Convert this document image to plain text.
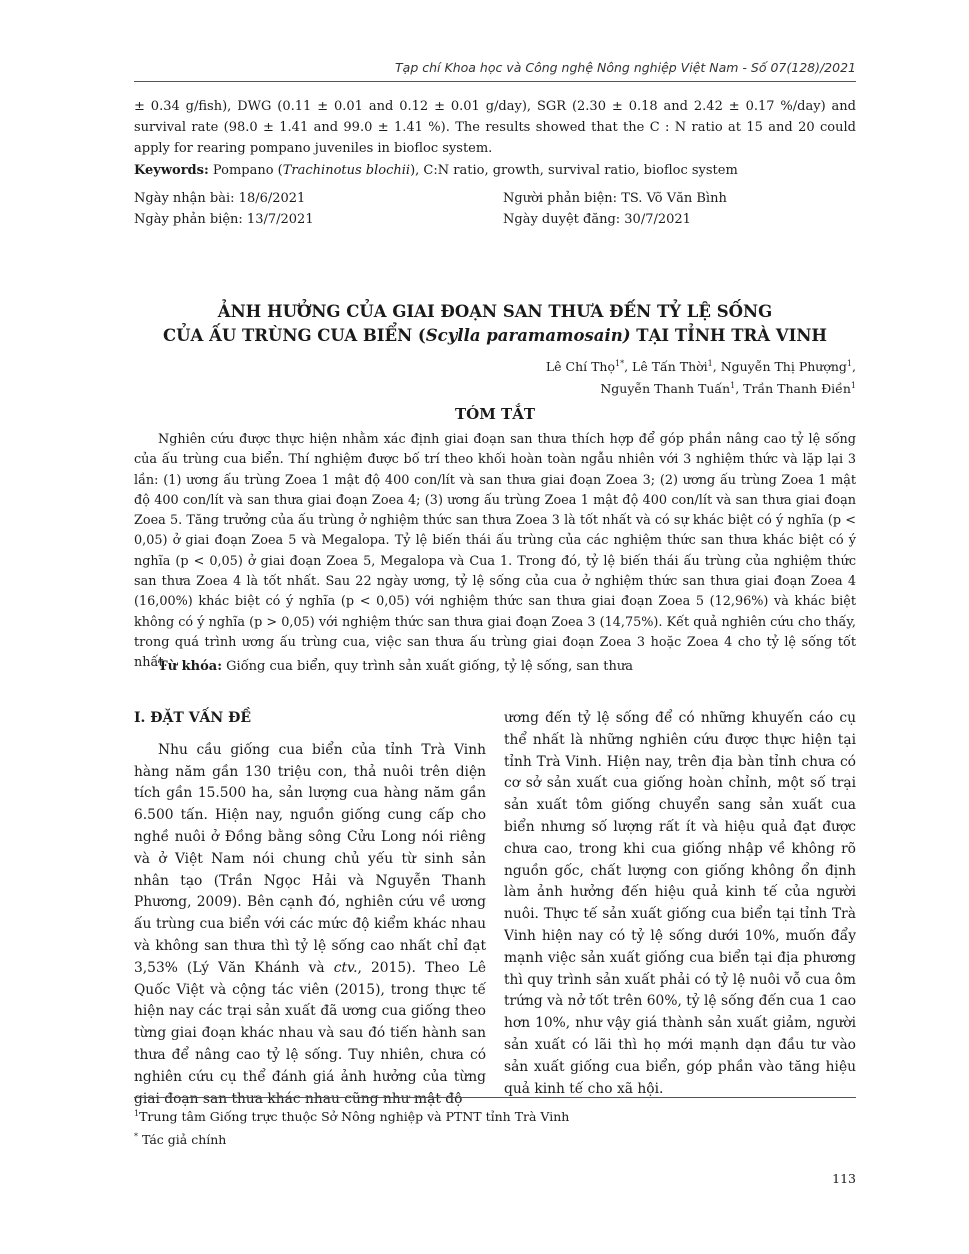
Tạp chí Khoa học và Công nghệ Nông nghiệp Việt Nam - Số 07(128)/2021
± 0.34 g/fish), DWG (0.11 ± 0.01 and 0.12 ± 0.01 g/day), SGR (2.30 ± 0.18 and 2.42 ± 0.17 %/day) and survival rate (98.0 ± 1.41 and 99.0 ± 1.41 %). The results showed that the C : N ratio at 15 and 20 could apply for rearing pompano juveniles in biofloc system.
Keywords: Pompano (Trachinotus blochii), C:N ratio, growth, survival ratio, biofloc system
Ngày nhận bài: 18/6/2021
Ngày phản biện: 13/7/2021
Người phản biện: TS. Võ Văn Bình
Ngày duyệt đăng: 30/7/2021
ẢNH HƯỞNG CỦA GIAI ĐOẠN SAN THƯA ĐẾN TỶ LỆ SỐNG
CỦA ẤU TRÙNG CUA BIỂN (Scylla paramamosain) TẠI TỈNH TRÀ VINH
Lê Chí Thọ$^{1*}$, Lê Tấn Thời$^1$, Nguyễn Thị Phượng$^1$,
Nguyễn Thanh Tuấn$^1$, Trần Thanh Điền$^1$
TÓM TẮT
Nghiên cứu được thực hiện nhằm xác định giai đoạn san thưa thích hợp để góp phần nâng cao tỷ lệ sống của ấu trùng cua biển. Thí nghiệm được bố trí theo khối hoàn toàn ngẫu nhiên với 3 nghiệm thức và lặp lại 3 lần: (1) ương ấu trùng Zoea 1 mật độ 400 con/lít và san thưa giai đoạn Zoea 3; (2) ương ấu trùng Zoea 1 mật độ 400 con/lít và san thưa giai đoạn Zoea 4; (3) ương ấu trùng Zoea 1 mật độ 400 con/lít và san thưa giai đoạn Zoea 5. Tăng trưởng của ấu trùng ở nghiệm thức san thưa Zoea 3 là tốt nhất và có sự khác biệt có ý nghĩa (p < 0,05) ở giai đoạn Zoea 5 và Megalopa. Tỷ lệ biến thái ấu trùng của các nghiệm thức san thưa khác biệt có ý nghĩa (p < 0,05) ở giai đoạn Zoea 5, Megalopa và Cua 1. Trong đó, tỷ lệ biến thái ấu trùng của nghiệm thức san thưa Zoea 4 là tốt nhất. Sau 22 ngày ương, tỷ lệ sống của cua ở nghiệm thức san thưa giai đoạn Zoea 4 (16,00%) khác biệt có ý nghĩa (p < 0,05) với nghiệm thức san thưa giai đoạn Zoea 5 (12,96%) và khác biệt không có ý nghĩa (p > 0,05) với nghiệm thức san thưa giai đoạn Zoea 3 (14,75%). Kết quả nghiên cứu cho thấy, trong quá trình ương ấu trùng cua, việc san thưa ấu trùng giai đoạn Zoea 3 hoặc Zoea 4 cho tỷ lệ sống tốt nhất.
Từ khóa: Giống cua biển, quy trình sản xuất giống, tỷ lệ sống, san thưa
I. ĐẶT VẤN ĐỀ

Nhu cầu giống cua biển của tỉnh Trà Vinh hàng năm gần 130 triệu con, thả nuôi trên diện tích gần 15.500 ha, sản lượng cua hàng năm gần 6.500 tấn. Hiện nay, nguồn giống cung cấp cho nghề nuôi ở Đồng bằng sông Cửu Long nói riêng và ở Việt Nam nói chung chủ yếu từ sinh sản nhân tạo (Trần Ngọc Hải và Nguyễn Thanh Phương, 2009). Bên cạnh đó, nghiên cứu về ương ấu trùng cua biển với các mức độ kiểm khác nhau và không san thưa thì tỷ lệ sống cao nhất chỉ đạt 3,53% (Lý Văn Khánh và ctv., 2015). Theo Lê Quốc Việt và cộng tác viên (2015), trong thực tế hiện nay các trại sản xuất đã ương cua giống theo từng giai đoạn khác nhau và sau đó tiến hành san thưa để nâng cao tỷ lệ sống. Tuy nhiên, chưa có nghiên cứu cụ thể đánh giá ảnh hưởng của từng giai đoạn san thưa khác nhau cũng như mật độ

ương đến tỷ lệ sống để có những khuyến cáo cụ thể nhất là những nghiên cứu được thực hiện tại tỉnh Trà Vinh. Hiện nay, trên địa bàn tỉnh chưa có cơ sở sản xuất cua giống hoàn chỉnh, một số trại sản xuất tôm giống chuyển sang sản xuất cua biển nhưng số lượng rất ít và hiệu quả đạt được chưa cao, trong khi cua giống nhập về không rõ nguồn gốc, chất lượng con giống không ổn định làm ảnh hưởng đến hiệu quả kinh tế của người nuôi. Thực tế sản xuất giống cua biển tại tỉnh Trà Vinh hiện nay có tỷ lệ sống dưới 10%, muốn đẩy mạnh việc sản xuất giống cua biển tại địa phương thì quy trình sản xuất phải có tỷ lệ nuôi vỗ cua ôm trứng và nở tốt trên 60%, tỷ lệ sống đến cua 1 cao hơn 10%, như vậy giá thành sản xuất giảm, người sản xuất có lãi thì họ mới mạnh dạn đầu tư vào sản xuất giống cua biển, góp phần vào tăng hiệu quả kinh tế cho xã hội.

$^1$Trung tâm Giống trực thuộc Sở Nông nghiệp và PTNT tỉnh Trà Vinh
* Tác giả chính
113
